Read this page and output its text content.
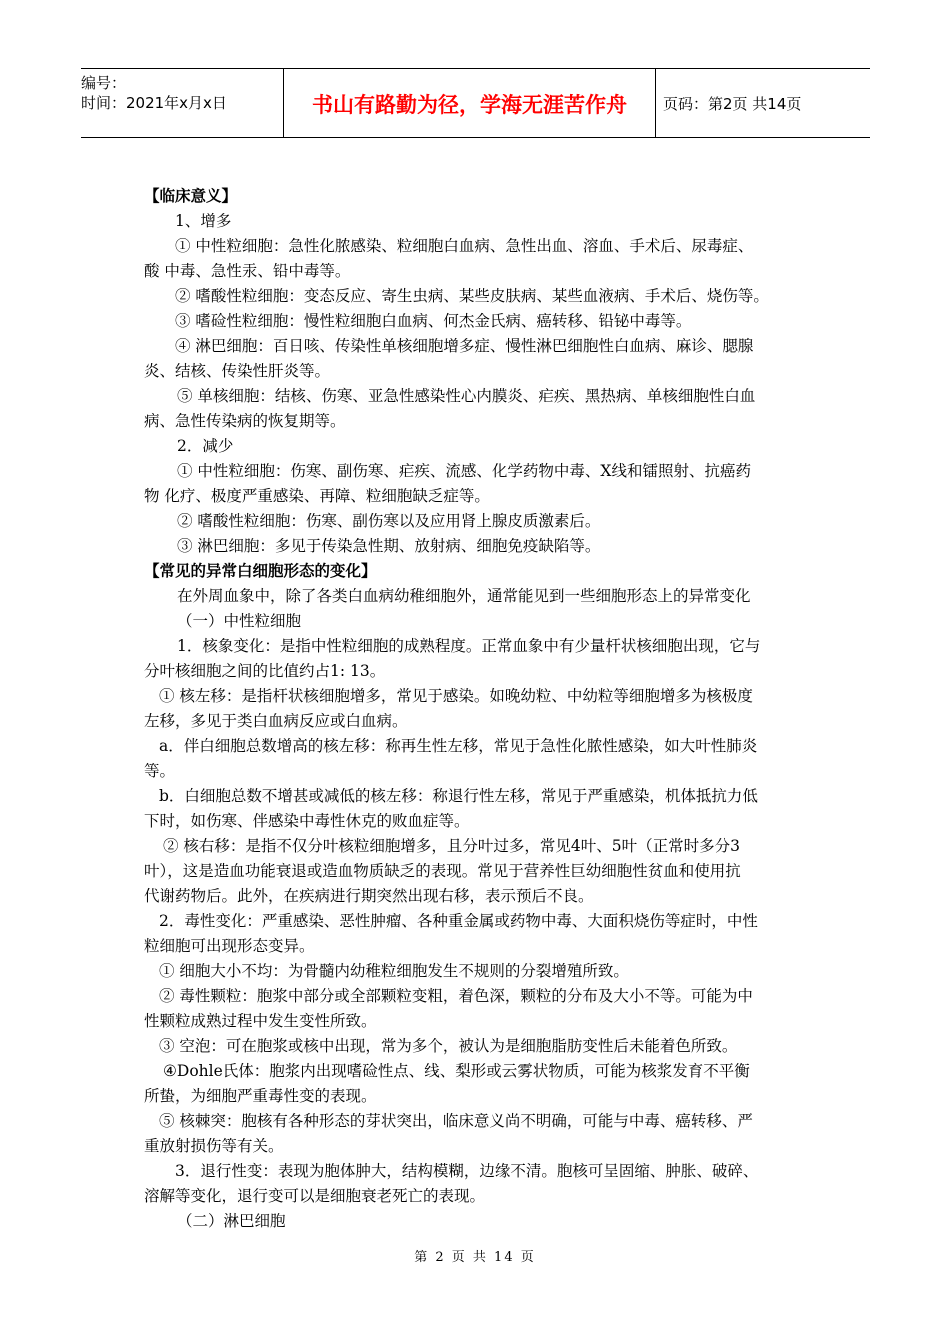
编号：
时间：2021年x月x日	书山有路勤为径，学海无涯苦作舟	页码：第2页 共14页
【临床意义】
1、增多
① 中性粒细胞：急性化脓感染、粒细胞白血病、急性出血、溶血、手术后、尿毒症、
酸 中毒、急性汞、铅中毒等。
② 嗜酸性粒细胞：变态反应、寄生虫病、某些皮肤病、某些血液病、手术后、烧伤等。
③ 嗜硷性粒细胞：慢性粒细胞白血病、何杰金氏病、癌转移、铅铋中毒等。
④ 淋巴细胞：百日咳、传染性单核细胞增多症、慢性淋巴细胞性白血病、麻诊、腮腺
炎、结核、传染性肝炎等。
⑤ 单核细胞：结核、伤寒、亚急性感染性心内膜炎、疟疾、黑热病、单核细胞性白血
病、急性传染病的恢复期等。
2．减少
① 中性粒细胞：伤寒、副伤寒、疟疾、流感、化学药物中毒、X线和镭照射、抗癌药
物 化疗、极度严重感染、再障、粒细胞缺乏症等。
② 嗜酸性粒细胞：伤寒、副伤寒以及应用肾上腺皮质激素后。
③ 淋巴细胞：多见于传染急性期、放射病、细胞免疫缺陷等。
【常见的异常白细胞形态的变化】
在外周血象中，除了各类白血病幼稚细胞外，通常能见到一些细胞形态上的异常变化
（一）中性粒细胞
1．核象变化：是指中性粒细胞的成熟程度。正常血象中有少量杆状核细胞出现，它与
分叶核细胞之间的比值约占1: 13。
① 核左移：是指杆状核细胞增多，常见于感染。如晚幼粒、中幼粒等细胞增多为核极度
左移，多见于类白血病反应或白血病。
a．伴白细胞总数增高的核左移：称再生性左移，常见于急性化脓性感染，如大叶性肺炎
等。
b．白细胞总数不增甚或减低的核左移：称退行性左移，常见于严重感染，机体抵抗力低
下时，如伤寒、伴感染中毒性休克的败血症等。
② 核右移：是指不仅分叶核粒细胞增多，且分叶过多，常见4叶、5叶（正常时多分3
叶），这是造血功能衰退或造血物质缺乏的表现。常见于营养性巨幼细胞性贫血和使用抗
代谢药物后。此外，在疾病进行期突然出现右移，表示预后不良。
2．毒性变化：严重感染、恶性肿瘤、各种重金属或药物中毒、大面积烧伤等症时，中性
粒细胞可出现形态变异。
① 细胞大小不均：为骨髓内幼稚粒细胞发生不规则的分裂增殖所致。
② 毒性颗粒：胞浆中部分或全部颗粒变粗，着色深，颗粒的分布及大小不等。可能为中
性颗粒成熟过程中发生变性所致。
③ 空泡：可在胞浆或核中出现，常为多个，被认为是细胞脂肪变性后未能着色所致。
④Dohle氏体：胞浆内出现嗜硷性点、线、梨形或云雾状物质，可能为核浆发育不平衡
所蛰，为细胞严重毒性变的表现。
⑤ 核棘突：胞核有各种形态的芽状突出，临床意义尚不明确，可能与中毒、癌转移、严
重放射损伤等有关。
3．退行性变：表现为胞体肿大，结构模糊，边缘不清。胞核可呈固缩、肿胀、破碎、
溶解等变化，退行变可以是细胞衰老死亡的表现。
（二）淋巴细胞
第 2 页 共 14 页
